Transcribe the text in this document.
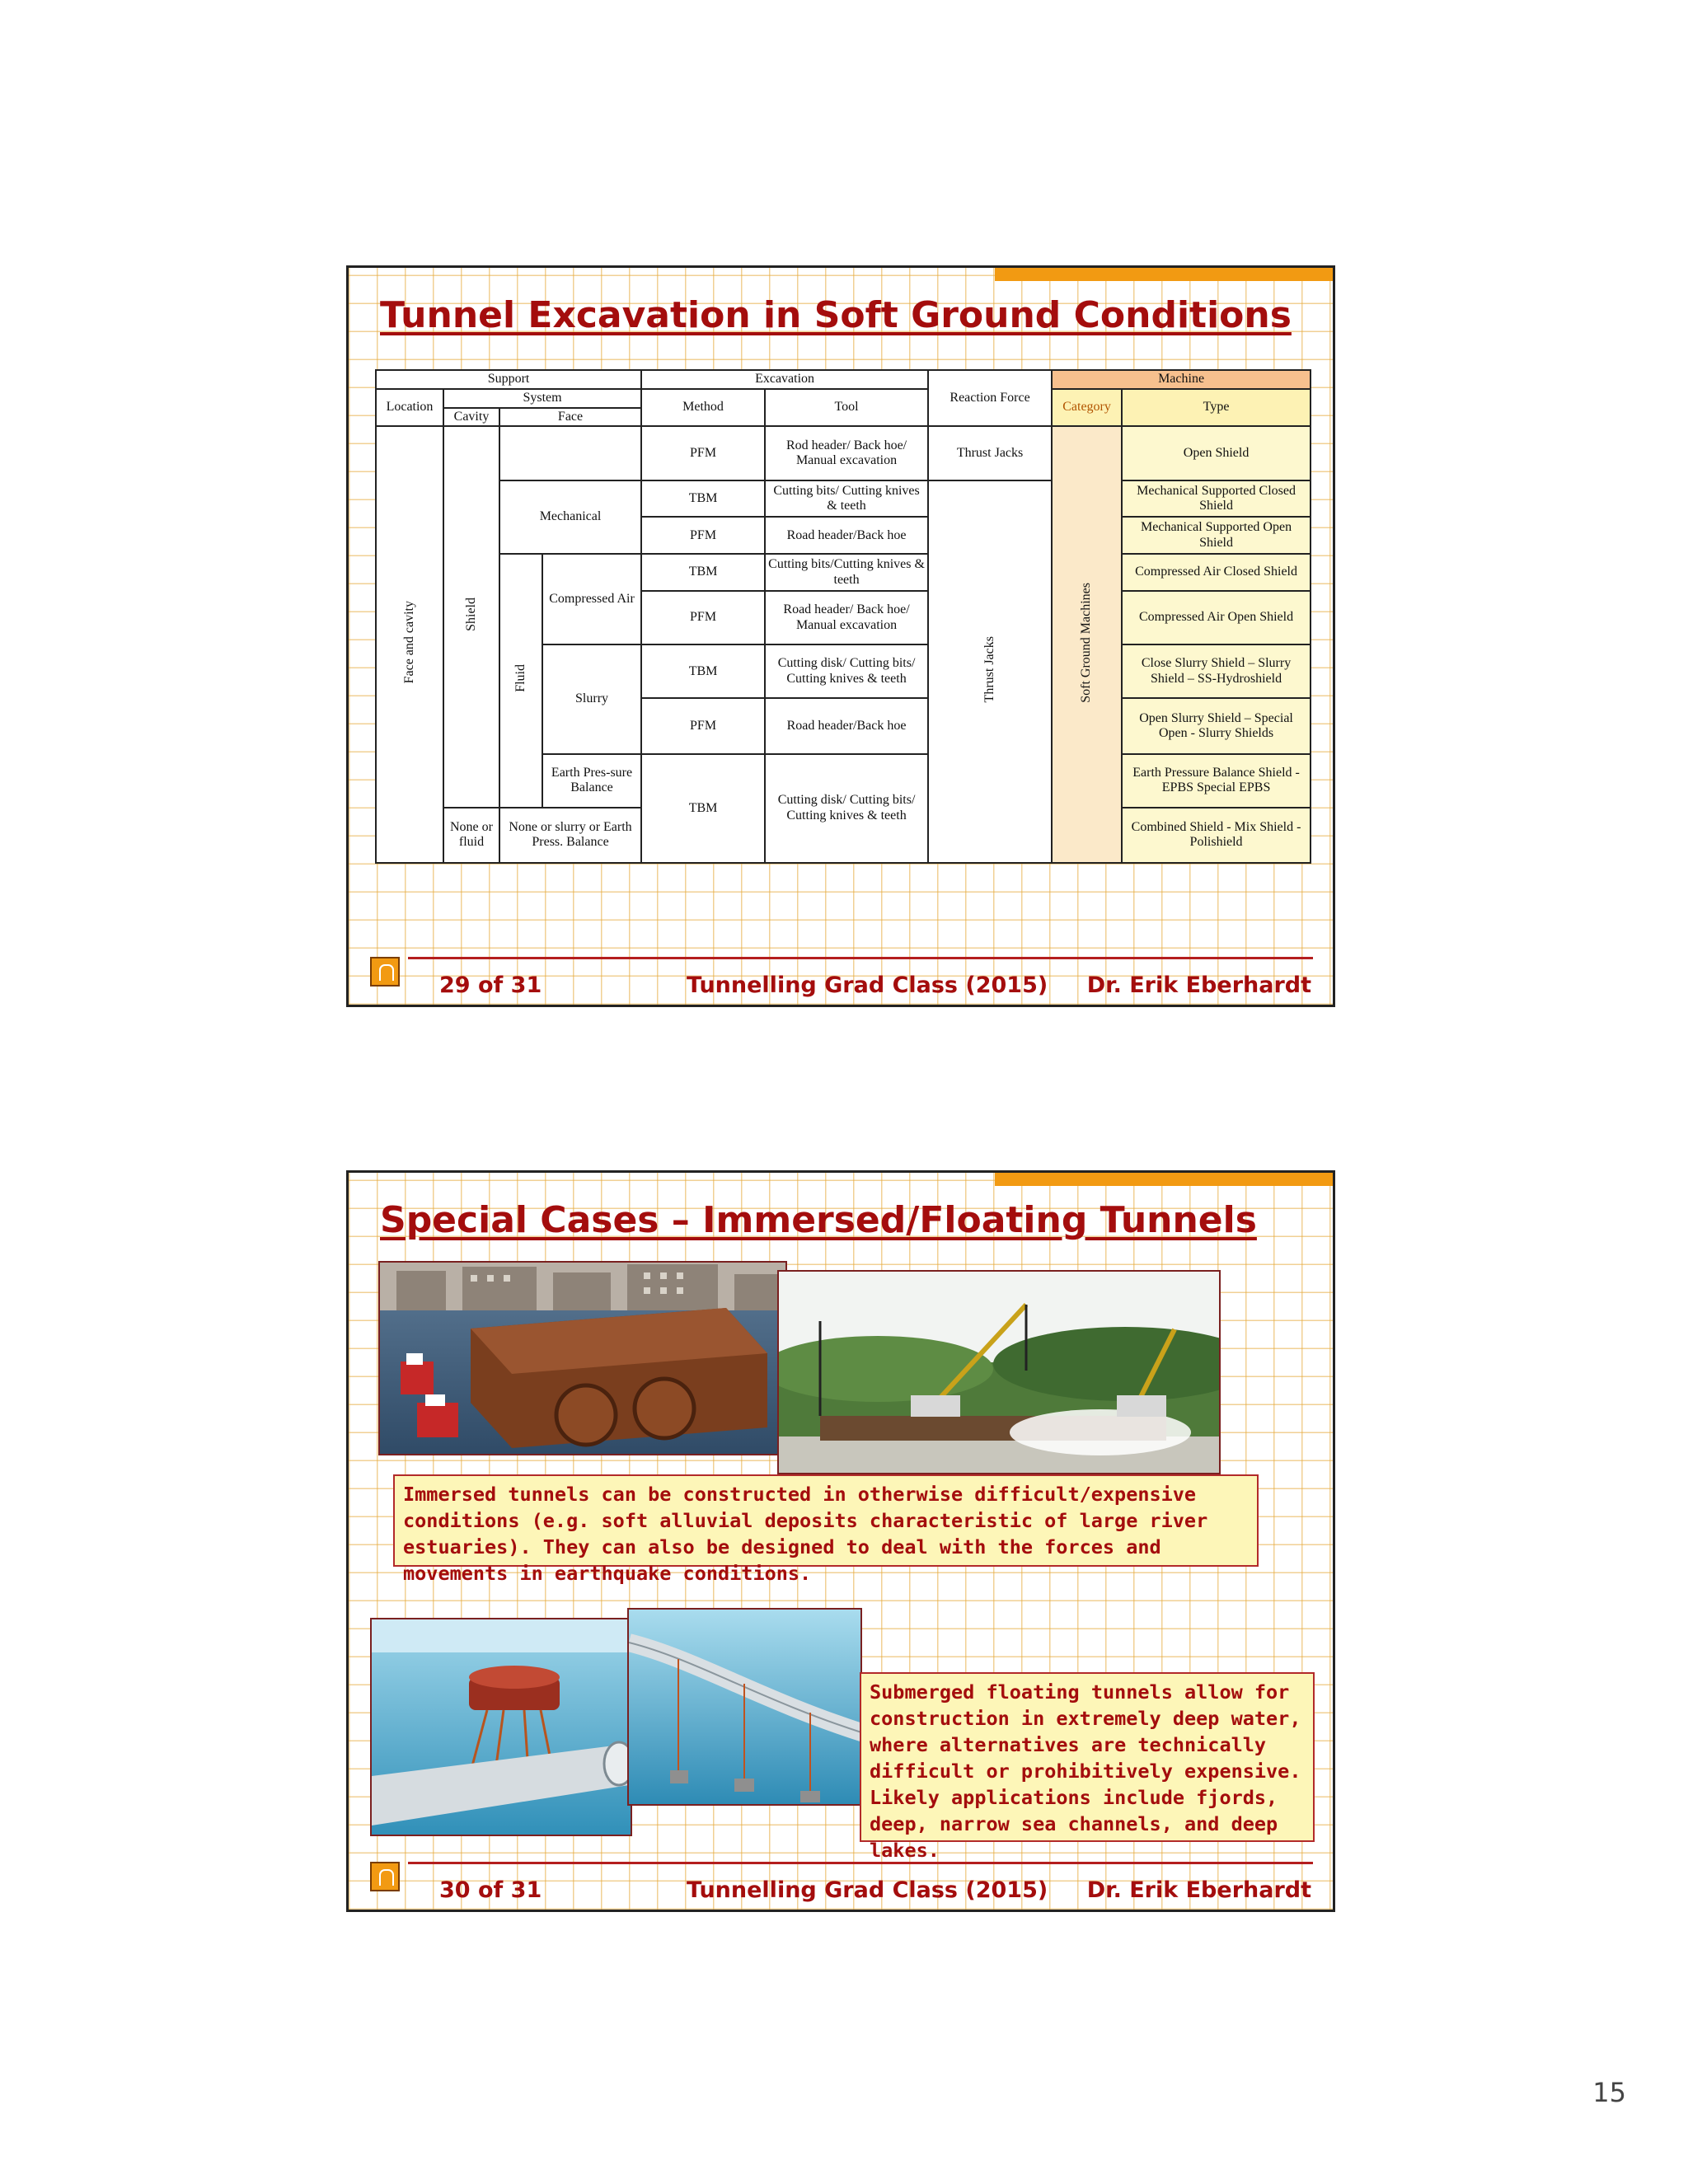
Tunnel Excavation in Soft Ground Conditions
Support				Excavation		Reaction Force	Machine	
Location	System			Method	Tool		Category	Type
	Cavity	Face						
Face and cavity	Shield			PFM	Rod header/ Back hoe/ Manual excavation	Thrust Jacks	Soft Ground Machines	Open Shield
		Mechanical		TBM	Cutting bits/ Cutting knives & teeth	Thrust Jacks		Mechanical Supported Closed Shield
				PFM	Road header/Back hoe			Mechanical Supported Open Shield
		Fluid	Compressed Air	TBM	Cutting bits/Cutting knives & teeth			Compressed Air Closed Shield
				PFM	Road header/ Back hoe/ Manual excavation			Compressed Air Open Shield
			Slurry	TBM	Cutting disk/ Cutting bits/ Cutting knives & teeth			Close Slurry Shield – Slurry Shield – SS-Hydroshield
				PFM	Road header/Back hoe			Open Slurry Shield – Special Open - Slurry Shields
			Earth Pres-sure Balance	TBM	Cutting disk/ Cutting bits/ Cutting knives & teeth			Earth Pressure Balance Shield - EPBS Special EPBS
	None or fluid	None or slurry or Earth Press. Balance						Combined Shield - Mix Shield - Polishield
29 of 31	Tunnelling Grad Class (2015) Dr. Erik Eberhardt
Special Cases – Immersed/Floating Tunnels
Immersed tunnels can be constructed in otherwise difficult/expensive conditions (e.g. soft alluvial deposits characteristic of large river estuaries). They can also be designed to deal with the forces and movements in earthquake conditions.
Submerged floating tunnels allow for construction in extremely deep water, where alternatives are technically difficult or prohibitively expensive. Likely applications include fjords, deep, narrow sea channels, and deep lakes.
30 of 31	Tunnelling Grad Class (2015) Dr. Erik Eberhardt
15
